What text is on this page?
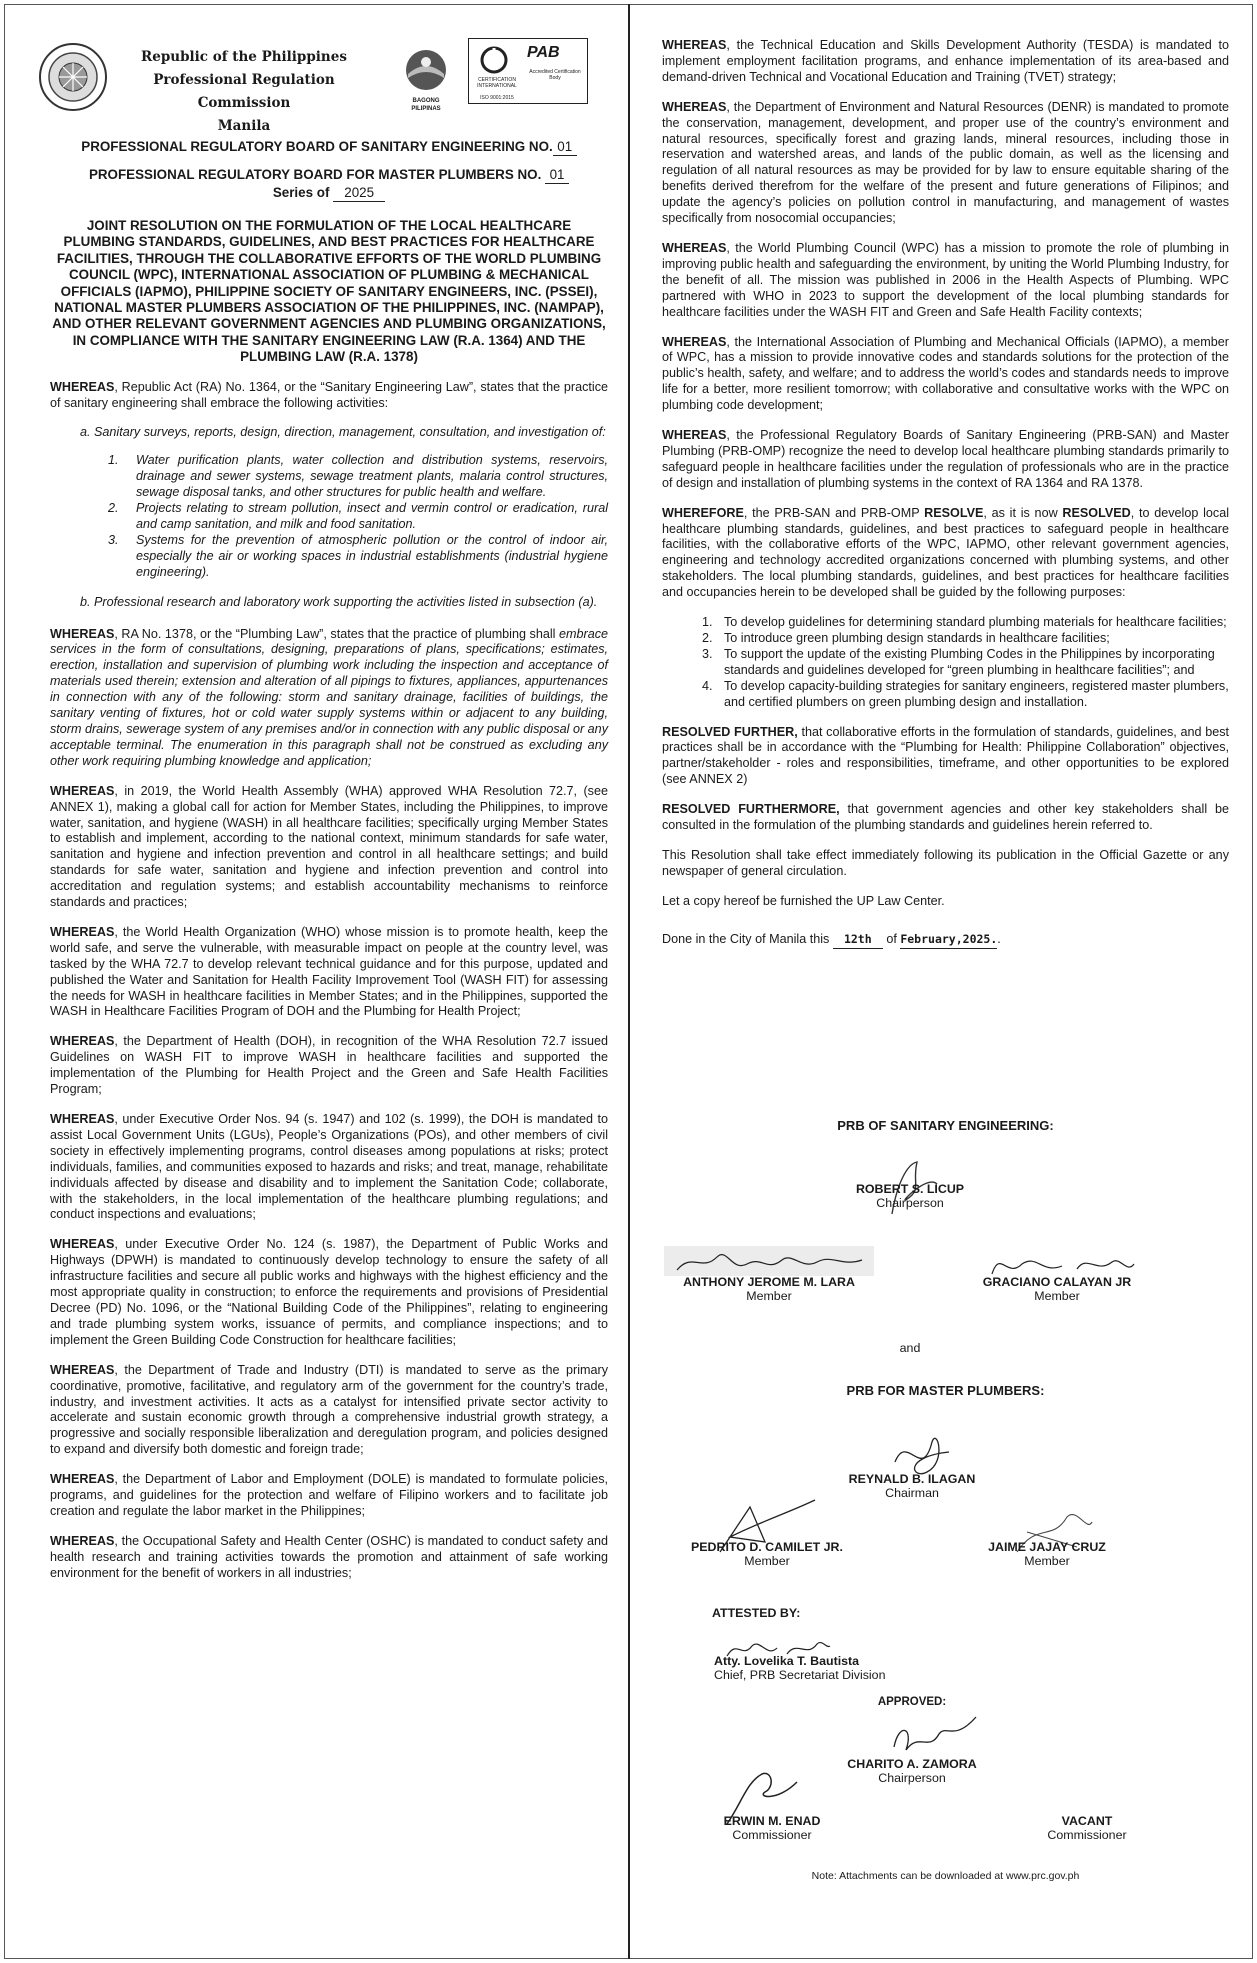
Republic of the Philippines
Professional Regulation Commission
Manila
BAGONG PILIPINAS
CERTIFICATION INTERNATIONAL
ISO 9001:2015
PAB
Accredited Certification Body

PROFESSIONAL REGULATORY BOARD OF SANITARY ENGINEERING NO. 01

PROFESSIONAL REGULATORY BOARD FOR MASTER PLUMBERS NO. 01

Series of 2025

JOINT RESOLUTION ON THE FORMULATION OF THE LOCAL HEALTHCARE PLUMBING STANDARDS, GUIDELINES, AND BEST PRACTICES FOR HEALTHCARE FACILITIES, THROUGH THE COLLABORATIVE EFFORTS OF THE WORLD PLUMBING COUNCIL (WPC), INTERNATIONAL ASSOCIATION OF PLUMBING & MECHANICAL OFFICIALS (IAPMO), PHILIPPINE SOCIETY OF SANITARY ENGINEERS, INC. (PSSEI), NATIONAL MASTER PLUMBERS ASSOCIATION OF THE PHILIPPINES, INC. (NAMPAP), AND OTHER RELEVANT GOVERNMENT AGENCIES AND PLUMBING ORGANIZATIONS, IN COMPLIANCE WITH THE SANITARY ENGINEERING LAW (R.A. 1364) AND THE PLUMBING LAW (R.A. 1378)

WHEREAS, Republic Act (RA) No. 1364, or the “Sanitary Engineering Law”, states that the practice of sanitary engineering shall embrace the following activities:

a. Sanitary surveys, reports, design, direction, management, consultation, and investigation of:

1.	Water purification plants, water collection and distribution systems, reservoirs, drainage and sewer systems, sewage treatment plants, malaria control structures, sewage disposal tanks, and other structures for public health and welfare.
2.	Projects relating to stream pollution, insect and vermin control or eradication, rural and camp sanitation, and milk and food sanitation.
3.	Systems for the prevention of atmospheric pollution or the control of indoor air, especially the air or working spaces in industrial establishments (industrial hygiene engineering).

b. Professional research and laboratory work supporting the activities listed in subsection (a).

WHEREAS, RA No. 1378, or the “Plumbing Law”, states that the practice of plumbing shall embrace services in the form of consultations, designing, preparations of plans, specifications; estimates, erection, installation and supervision of plumbing work including the inspection and acceptance of materials used therein; extension and alteration of all pipings to fixtures, appliances, appurtenances in connection with any of the following: storm and sanitary drainage, facilities of buildings, the sanitary venting of fixtures, hot or cold water supply systems within or adjacent to any building, storm drains, sewerage system of any premises and/or in connection with any public disposal or any acceptable terminal. The enumeration in this paragraph shall not be construed as excluding any other work requiring plumbing knowledge and application;

WHEREAS, in 2019, the World Health Assembly (WHA) approved WHA Resolution 72.7, (see ANNEX 1), making a global call for action for Member States, including the Philippines, to improve water, sanitation, and hygiene (WASH) in all healthcare facilities; specifically urging Member States to establish and implement, according to the national context, minimum standards for safe water, sanitation and hygiene and infection prevention and control in all healthcare settings; and build standards for safe water, sanitation and hygiene and infection prevention and control into accreditation and regulation systems; and establish accountability mechanisms to reinforce standards and practices;

WHEREAS, the World Health Organization (WHO) whose mission is to promote health, keep the world safe, and serve the vulnerable, with measurable impact on people at the country level, was tasked by the WHA 72.7 to develop relevant technical guidance and for this purpose, updated and published the Water and Sanitation for Health Facility Improvement Tool (WASH FIT) for assessing the needs for WASH in healthcare facilities in Member States; and in the Philippines, supported the WASH in Healthcare Facilities Program of DOH and the Plumbing for Health Project;

WHEREAS, the Department of Health (DOH), in recognition of the WHA Resolution 72.7 issued Guidelines on WASH FIT to improve WASH in healthcare facilities and supported the implementation of the Plumbing for Health Project and the Green and Safe Health Facilities Program;

WHEREAS, under Executive Order Nos. 94 (s. 1947) and 102 (s. 1999), the DOH is mandated to assist Local Government Units (LGUs), People’s Organizations (POs), and other members of civil society in effectively implementing programs, control diseases among populations at risks; protect individuals, families, and communities exposed to hazards and risks; and treat, manage, rehabilitate individuals affected by disease and disability and to implement the Sanitation Code; collaborate, with the stakeholders, in the local implementation of the healthcare plumbing regulations; and conduct inspections and evaluations;

WHEREAS, under Executive Order No. 124 (s. 1987), the Department of Public Works and Highways (DPWH) is mandated to continuously develop technology to ensure the safety of all infrastructure facilities and secure all public works and highways with the highest efficiency and the most appropriate quality in construction; to enforce the requirements and provisions of Presidential Decree (PD) No. 1096, or the “National Building Code of the Philippines”, relating to engineering and trade plumbing system works, issuance of permits, and compliance inspections; and to implement the Green Building Code Construction for healthcare facilities;

WHEREAS, the Department of Trade and Industry (DTI) is mandated to serve as the primary coordinative, promotive, facilitative, and regulatory arm of the government for the country’s trade, industry, and investment activities. It acts as a catalyst for intensified private sector activity to accelerate and sustain economic growth through a comprehensive industrial growth strategy, a progressive and socially responsible liberalization and deregulation program, and policies designed to expand and diversify both domestic and foreign trade;

WHEREAS, the Department of Labor and Employment (DOLE) is mandated to formulate policies, programs, and guidelines for the protection and welfare of Filipino workers and to facilitate job creation and regulate the labor market in the Philippines;

WHEREAS, the Occupational Safety and Health Center (OSHC) is mandated to conduct safety and health research and training activities towards the promotion and attainment of safe working environment for the benefit of workers in all industries;

WHEREAS, the Technical Education and Skills Development Authority (TESDA) is mandated to implement employment facilitation programs, and enhance implementation of its area-based and demand-driven Technical and Vocational Education and Training (TVET) strategy;

WHEREAS, the Department of Environment and Natural Resources (DENR) is mandated to promote the conservation, management, development, and proper use of the country’s environment and natural resources, specifically forest and grazing lands, mineral resources, including those in reservation and watershed areas, and lands of the public domain, as well as the licensing and regulation of all natural resources as may be provided for by law to ensure equitable sharing of the benefits derived therefrom for the welfare of the present and future generations of Filipinos; and update the agency’s policies on pollution control in manufacturing, and management of wastes specifically from nosocomial occupancies;

WHEREAS, the World Plumbing Council (WPC) has a mission to promote the role of plumbing in improving public health and safeguarding the environment, by uniting the World Plumbing Industry, for the benefit of all. The mission was published in 2006 in the Health Aspects of Plumbing. WPC partnered with WHO in 2023 to support the development of the local plumbing standards for healthcare facilities under the WASH FIT and Green and Safe Health Facility contexts;

WHEREAS, the International Association of Plumbing and Mechanical Officials (IAPMO), a member of WPC, has a mission to provide innovative codes and standards solutions for the protection of the public’s health, safety, and welfare; and to address the world’s codes and standards needs to improve life for a better, more resilient tomorrow; with collaborative and consultative works with the WPC on plumbing code development;

WHEREAS, the Professional Regulatory Boards of Sanitary Engineering (PRB-SAN) and Master Plumbing (PRB-OMP) recognize the need to develop local healthcare plumbing standards primarily to safeguard people in healthcare facilities under the regulation of professionals who are in the practice of design and installation of plumbing systems in the context of RA 1364 and RA 1378.

WHEREFORE, the PRB-SAN and PRB-OMP RESOLVE, as it is now RESOLVED, to develop local healthcare plumbing standards, guidelines, and best practices to safeguard people in healthcare facilities, with the collaborative efforts of the WPC, IAPMO, other relevant government agencies, engineering and technology accredited organizations concerned with plumbing systems, and other stakeholders. The local plumbing standards, guidelines, and best practices for healthcare facilities and occupancies herein to be developed shall be guided by the following purposes:

1. To develop guidelines for determining standard plumbing materials for healthcare facilities;
2. To introduce green plumbing design standards in healthcare facilities;
3. To support the update of the existing Plumbing Codes in the Philippines by incorporating standards and guidelines developed for “green plumbing in healthcare facilities”; and
4. To develop capacity-building strategies for sanitary engineers, registered master plumbers, and certified plumbers on green plumbing design and installation.

RESOLVED FURTHER, that collaborative efforts in the formulation of standards, guidelines, and best practices shall be in accordance with the “Plumbing for Health: Philippine Collaboration” objectives, partner/stakeholder - roles and responsibilities, timeframe, and other opportunities to be explored (see ANNEX 2)

RESOLVED FURTHERMORE, that government agencies and other key stakeholders shall be consulted in the formulation of the plumbing standards and guidelines herein referred to.

This Resolution shall take effect immediately following its publication in the Official Gazette or any newspaper of general circulation.

Let a copy hereof be furnished the UP Law Center.

Done in the City of Manila this 12th of February,2025..

PRB OF SANITARY ENGINEERING:
ROBERT S. LICUP
Chairperson
ANTHONY JEROME M. LARA
Member
GRACIANO CALAYAN JR
Member
and
PRB FOR MASTER PLUMBERS:
REYNALD B. ILAGAN
Chairman
PEDRITO D. CAMILET JR.
Member
JAIME JAJAY CRUZ
Member
ATTESTED BY:
Atty. Lovelika T. Bautista
Chief, PRB Secretariat Division
APPROVED:
CHARITO A. ZAMORA
Chairperson
ERWIN M. ENAD
Commissioner
VACANT
Commissioner
Note: Attachments can be downloaded at www.prc.gov.ph
